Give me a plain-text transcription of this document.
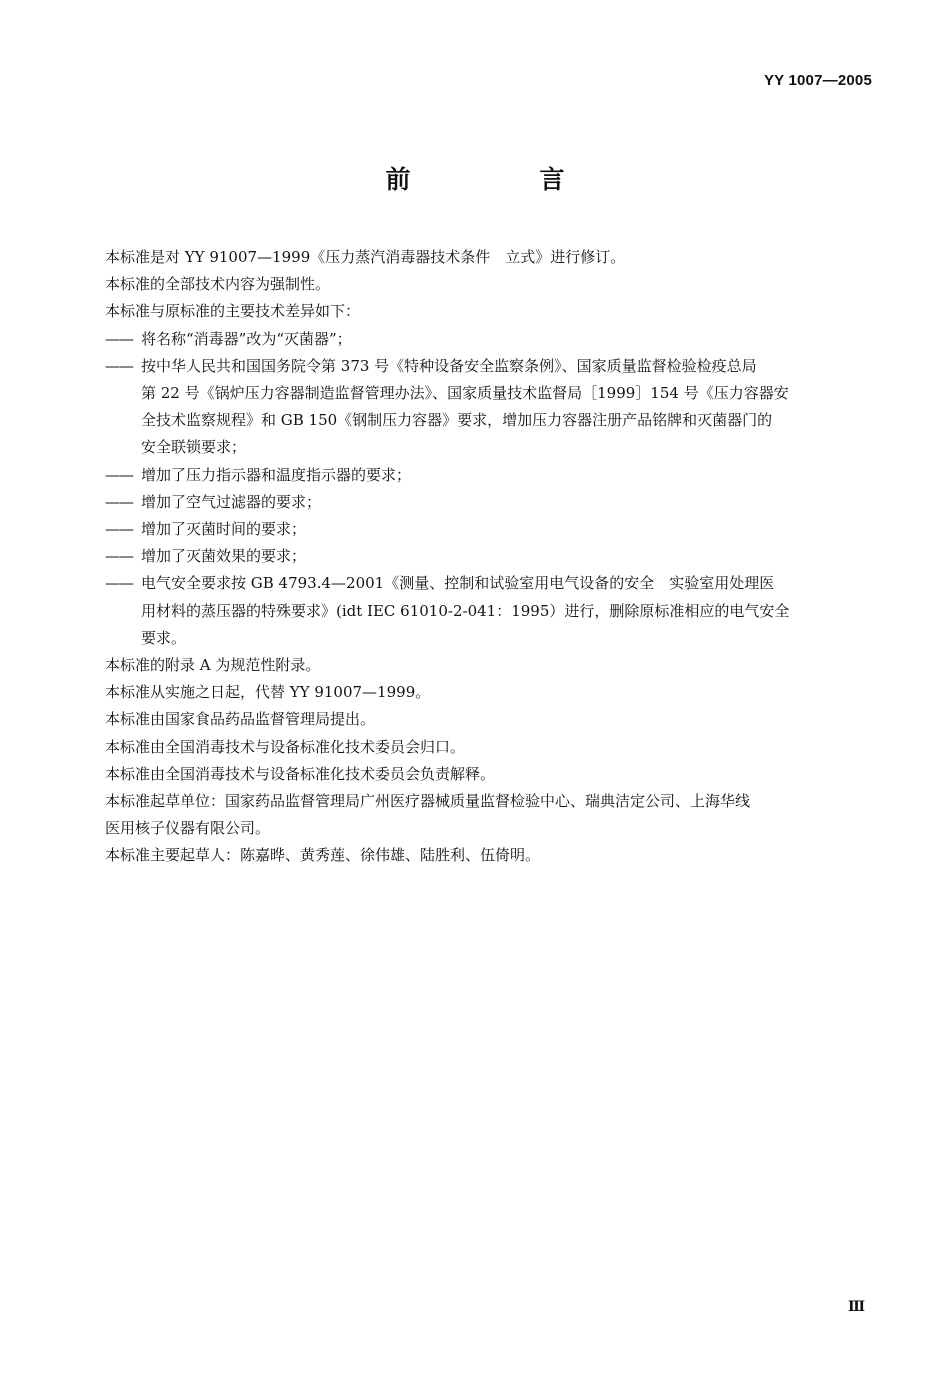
YY 1007—2005
前　言

本标准是对 YY 91007—1999《压力蒸汽消毒器技术条件　立式》进行修订。

本标准的全部技术内容为强制性。

本标准与原标准的主要技术差异如下：

—— 将名称“消毒器”改为“灭菌器”；
—— 按中华人民共和国国务院令第 373 号《特种设备安全监察条例》、国家质量监督检验检疫总局
第 22 号《锅炉压力容器制造监督管理办法》、国家质量技术监督局［1999］154 号《压力容器安
全技术监察规程》和 GB 150《钢制压力容器》要求，增加压力容器注册产品铭牌和灭菌器门的
安全联锁要求；
—— 增加了压力指示器和温度指示器的要求；
—— 增加了空气过滤器的要求；
—— 增加了灭菌时间的要求；
—— 增加了灭菌效果的要求；
—— 电气安全要求按 GB 4793.4—2001《测量、控制和试验室用电气设备的安全　实验室用处理医
用材料的蒸压器的特殊要求》(idt IEC 61010-2-041：1995）进行，删除原标准相应的电气安全
要求。

本标准的附录 A 为规范性附录。

本标准从实施之日起，代替 YY 91007—1999。

本标准由国家食品药品监督管理局提出。

本标准由全国消毒技术与设备标准化技术委员会归口。

本标准由全国消毒技术与设备标准化技术委员会负责解释。

本标准起草单位：国家药品监督管理局广州医疗器械质量监督检验中心、瑞典洁定公司、上海华线

医用核子仪器有限公司。

本标准主要起草人：陈嘉晔、黄秀莲、徐伟雄、陆胜利、伍倚明。

Ⅲ
